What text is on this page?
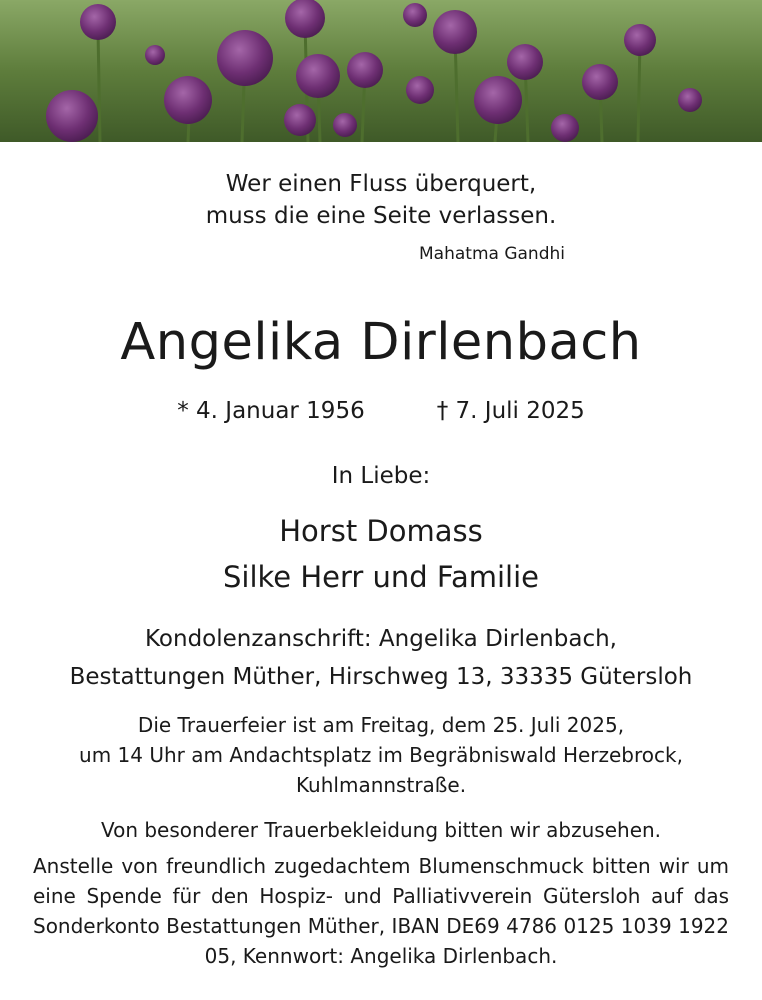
Wer einen Fluss überquert,
muss die eine Seite verlassen.
Mahatma Gandhi
Angelika Dirlenbach
* 4. Januar 1956	† 7. Juli 2025
In Liebe:
Horst Domass
Silke Herr und Familie
Kondolenzanschrift: Angelika Dirlenbach,
Bestattungen Müther, Hirschweg 13, 33335 Gütersloh
Die Trauerfeier ist am Freitag, dem 25. Juli 2025,
um 14 Uhr am Andachtsplatz im Begräbniswald Herzebrock,
Kuhlmannstraße.
Von besonderer Trauerbekleidung bitten wir abzusehen.
Anstelle von freundlich zugedachtem Blumenschmuck bitten wir um eine Spende für den Hospiz- und Palliativverein Gütersloh auf das Sonderkonto Bestattungen Müther, IBAN DE69 4786 0125 1039 1922 05, Kennwort: Angelika Dirlenbach.
